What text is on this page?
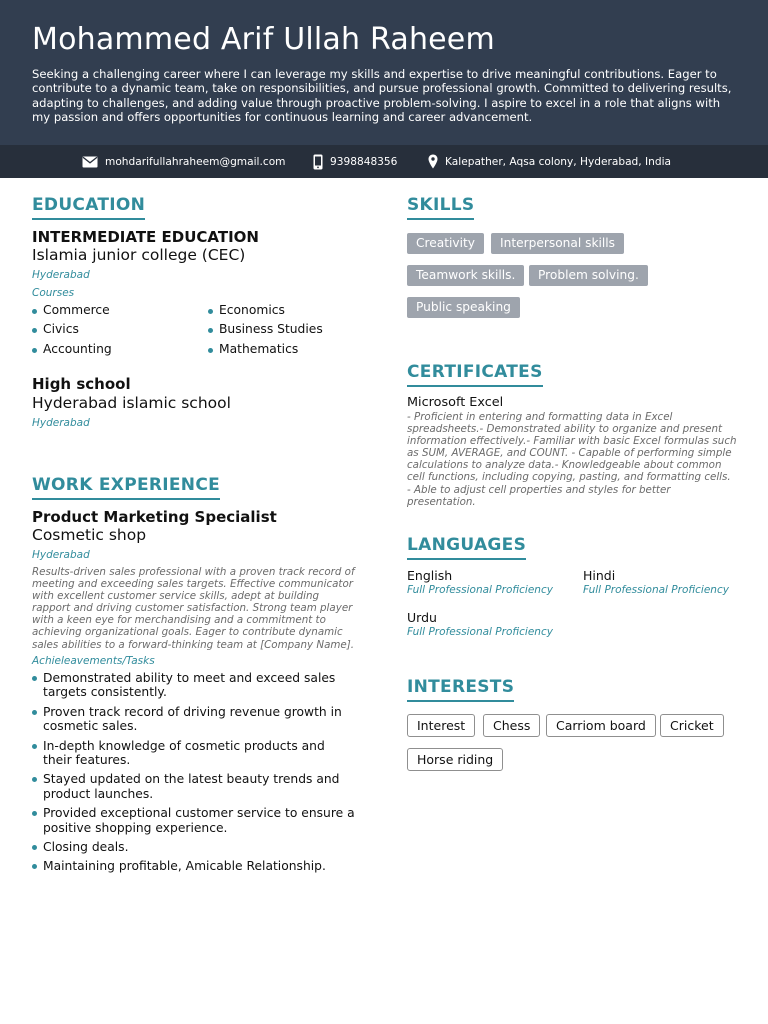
Mohammed Arif Ullah Raheem
Seeking a challenging career where I can leverage my skills and expertise to drive meaningful contributions. Eager to contribute to a dynamic team, take on responsibilities, and pursue professional growth. Committed to delivering results, adapting to challenges, and adding value through proactive problem-solving. I aspire to excel in a role that aligns with my passion and offers opportunities for continuous learning and career advancement.
mohdarifullahraheem@gmail.com	9398848356	Kalepather, Aqsa colony, Hyderabad, India
EDUCATION
INTERMEDIATE EDUCATION
Islamia junior college (CEC)
Hyderabad
Courses
Commerce
Civics
Accounting
Economics
Business Studies
Mathematics
High school
Hyderabad islamic school
Hyderabad
WORK EXPERIENCE
Product Marketing Specialist
Cosmetic shop
Hyderabad
Results-driven sales professional with a proven track record of meeting and exceeding sales targets. Effective communicator with excellent customer service skills, adept at building rapport and driving customer satisfaction. Strong team player with a keen eye for merchandising and a commitment to achieving organizational goals. Eager to contribute dynamic sales abilities to a forward-thinking team at [Company Name].
Achieleavements/Tasks
Demonstrated ability to meet and exceed sales targets consistently.
Proven track record of driving revenue growth in cosmetic sales.
In-depth knowledge of cosmetic products and their features.
Stayed updated on the latest beauty trends and product launches.
Provided exceptional customer service to ensure a positive shopping experience.
Closing deals.
Maintaining profitable, Amicable Relationship.
SKILLS
Creativity	Interpersonal skills
Teamwork skills.	Problem solving.
Public speaking
CERTIFICATES
Microsoft Excel
- Proficient in entering and formatting data in Excel spreadsheets.- Demonstrated ability to organize and present information effectively.- Familiar with basic Excel formulas such as SUM, AVERAGE, and COUNT. - Capable of performing simple calculations to analyze data.- Knowledgeable about common cell functions, including copying, pasting, and formatting cells. - Able to adjust cell properties and styles for better presentation.
LANGUAGES
English
Full Professional Proficiency
Hindi
Full Professional Proficiency
Urdu
Full Professional Proficiency
INTERESTS
Interest	Chess	Carriom board	Cricket
Horse riding
